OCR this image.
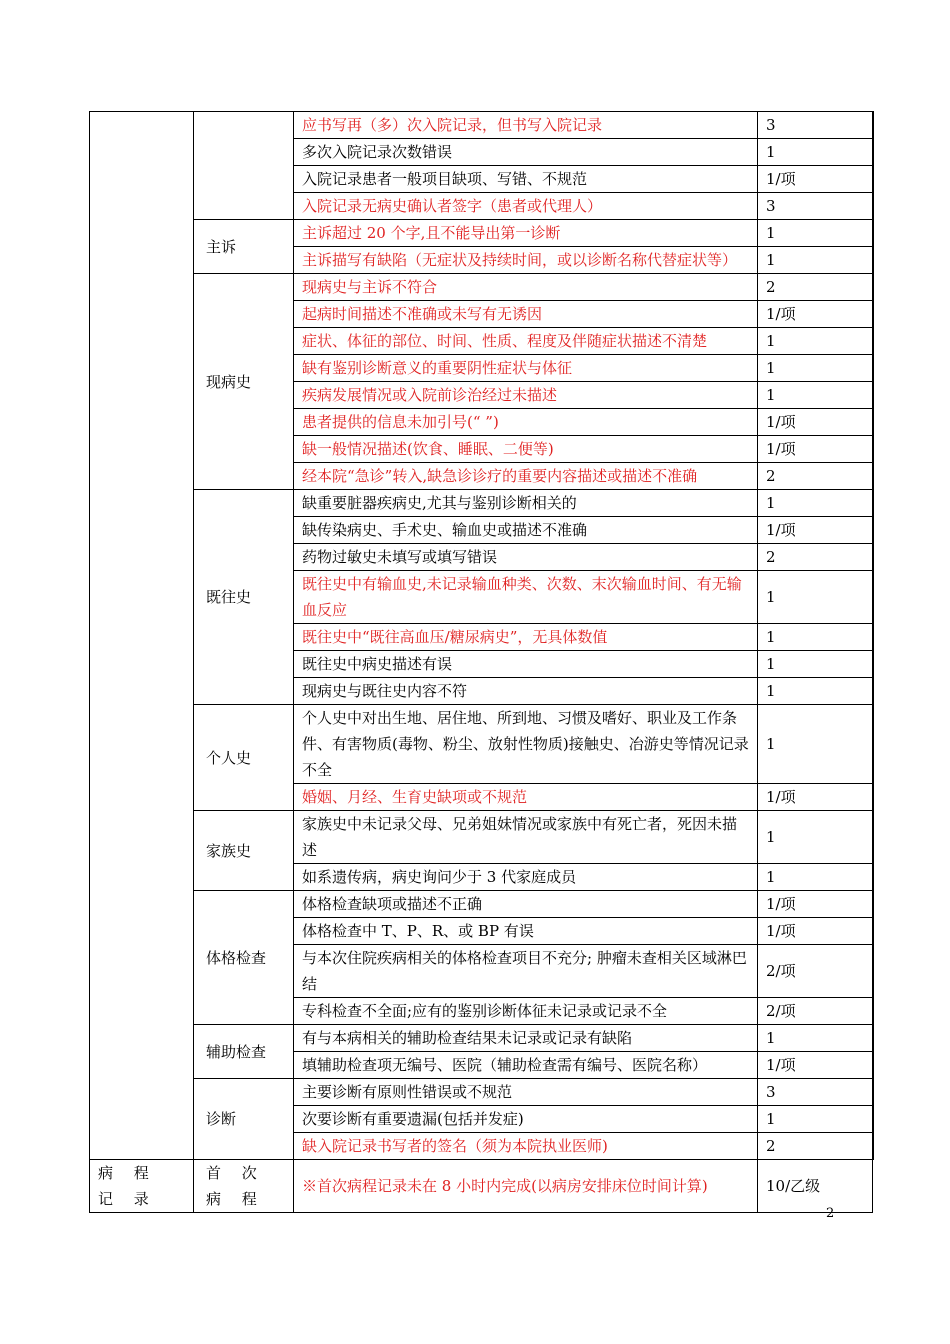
		应书写再（多）次入院记录，但书写入院记录	3
		多次入院记录次数错误	1
		入院记录患者一般项目缺项、写错、不规范	1/项
		入院记录无病史确认者签字（患者或代理人）	3
	主诉	主诉超过 20 个字,且不能导出第一诊断	1
		主诉描写有缺陷（无症状及持续时间，或以诊断名称代替症状等）	1
	现病史	现病史与主诉不符合	2
		起病时间描述不准确或未写有无诱因	1/项
		症状、体征的部位、时间、性质、程度及伴随症状描述不清楚	1
		缺有鉴别诊断意义的重要阴性症状与体征	1
		疾病发展情况或入院前诊治经过未描述	1
		患者提供的信息未加引号(“ ”)	1/项
		缺一般情况描述(饮食、睡眠、二便等)	1/项
		经本院“急诊”转入,缺急诊诊疗的重要内容描述或描述不准确	2
	既往史	缺重要脏器疾病史,尤其与鉴别诊断相关的	1
		缺传染病史、手术史、输血史或描述不准确	1/项
		药物过敏史未填写或填写错误	2
		既往史中有输血史,未记录输血种类、次数、末次输血时间、有无输血反应	1
		既往史中“既往高血压/糖尿病史”，无具体数值	1
		既往史中病史描述有误	1
		现病史与既往史内容不符	1
	个人史	个人史中对出生地、居住地、所到地、习惯及嗜好、职业及工作条件、有害物质(毒物、粉尘、放射性物质)接触史、冶游史等情况记录不全	1
		婚姻、月经、生育史缺项或不规范	1/项
	家族史	家族史中未记录父母、兄弟姐妹情况或家族中有死亡者，死因未描述	1
		如系遗传病，病史询问少于 3 代家庭成员	1
	体格检查	体格检查缺项或描述不正确	1/项
		体格检查中 T、P、R、或 BP 有误	1/项
		与本次住院疾病相关的体格检查项目不充分; 肿瘤未查相关区域淋巴结	2/项
		专科检查不全面;应有的鉴别诊断体征未记录或记录不全	2/项
	辅助检查	有与本病相关的辅助检查结果未记录或记录有缺陷	1
		填辅助检查项无编号、医院（辅助检查需有编号、医院名称）	1/项
	诊断	主要诊断有原则性错误或不规范	3
		次要诊断有重要遗漏(包括并发症)	1
		缺入院记录书写者的签名（须为本院执业医师)	2
病 程 记 录	首 次 病 程	※首次病程记录未在 8 小时内完成(以病房安排床位时间计算)	10/乙级
2
